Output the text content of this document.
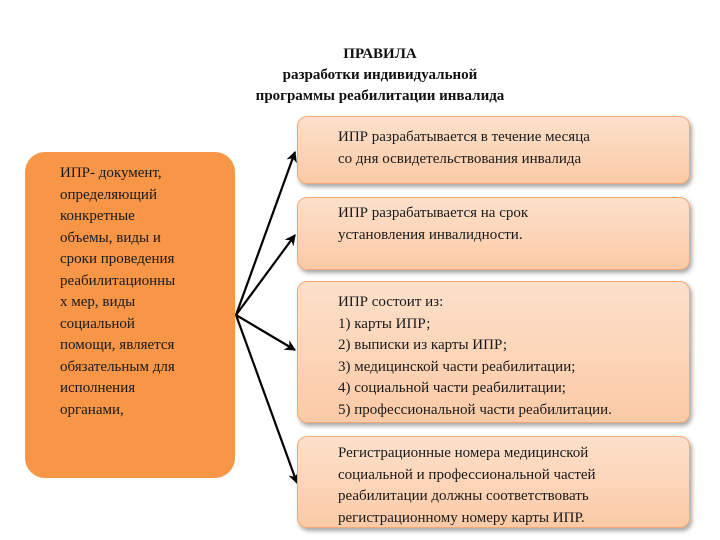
ПРАВИЛА
разработки индивидуальной
программы реабилитации инвалида
ИПР- документ,
определяющий
конкретные
объемы, виды и
сроки проведения
реабилитационны
х мер, виды
социальной
помощи, является
обязательным для
исполнения
органами,
ИПР разрабатывается в течение месяца
со дня освидетельствования инвалида
ИПР разрабатывается на срок
установления инвалидности.
ИПР состоит из:
1) карты ИПР;
2) выписки из карты ИПР;
3) медицинской части реабилитации;
4) социальной части реабилитации;
5) профессиональной части реабилитации.
Регистрационные номера медицинской
социальной и профессиональной частей
реабилитации должны соответствовать
регистрационному номеру карты ИПР.
